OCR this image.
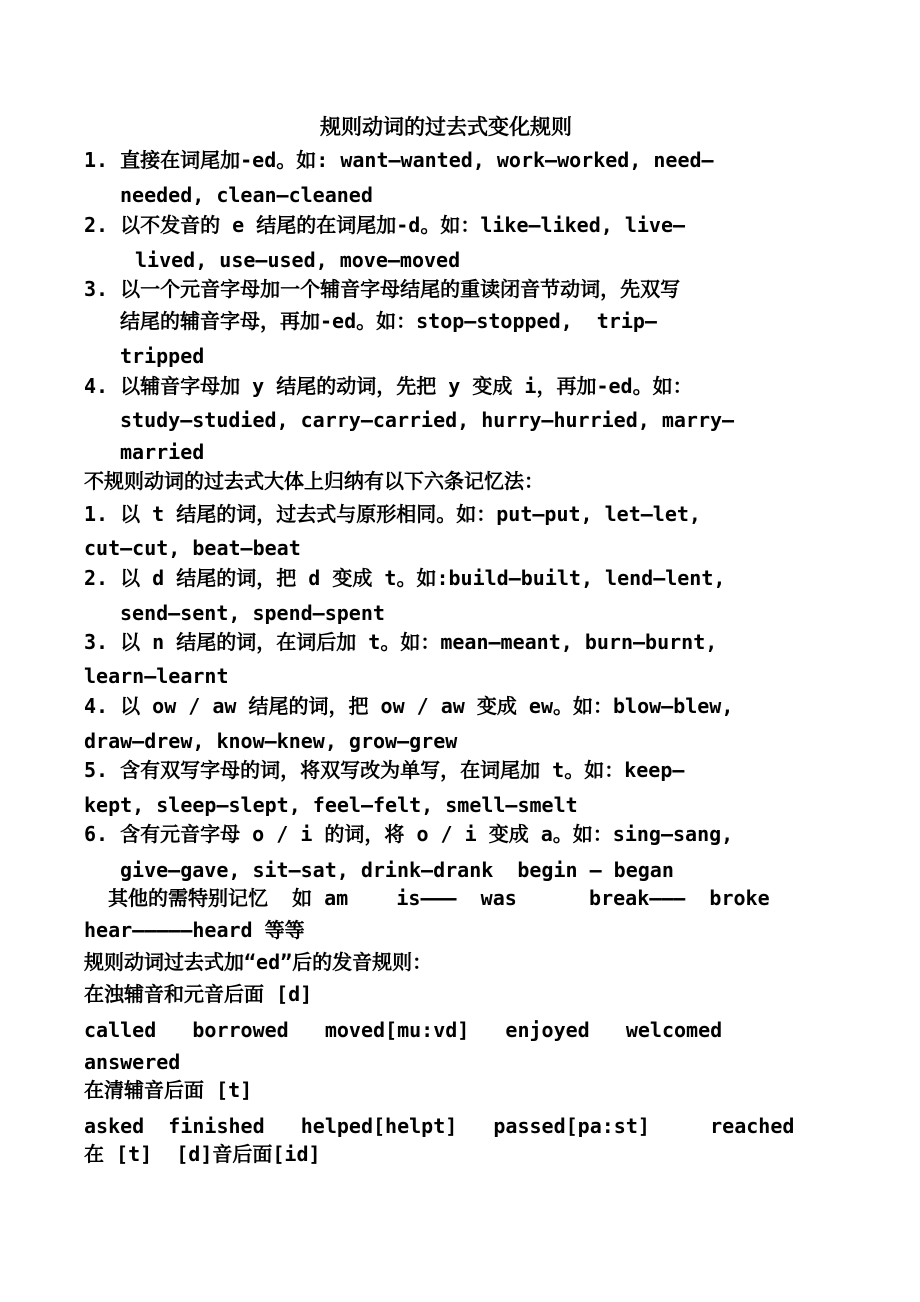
规则动词的过去式变化规则
1. 直接在词尾加-ed。如: want—wanted, work—worked, need—
needed, clean—cleaned
2. 以不发音的 e 结尾的在词尾加-d。如：like—liked, live—
lived, use—used, move—moved
3. 以一个元音字母加一个辅音字母结尾的重读闭音节动词，先双写
结尾的辅音字母，再加-ed。如：stop—stopped,  trip—
tripped
4. 以辅音字母加 y 结尾的动词，先把 y 变成 i，再加-ed。如：
study—studied, carry—carried, hurry—hurried, marry—
married
不规则动词的过去式大体上归纳有以下六条记忆法：
1. 以 t 结尾的词，过去式与原形相同。如：put—put, let—let,
cut—cut, beat—beat
2. 以 d 结尾的词，把 d 变成 t。如:build—built, lend—lent,
send—sent, spend—spent
3. 以 n 结尾的词，在词后加 t。如：mean—meant, burn—burnt,
learn—learnt
4. 以 ow / aw 结尾的词，把 ow / aw 变成 ew。如：blow—blew,
draw—drew, know—knew, grow—grew
5. 含有双写字母的词，将双写改为单写，在词尾加 t。如：keep—
kept, sleep—slept, feel—felt, smell—smelt
6. 含有元音字母 o / i 的词，将 o / i 变成 a。如：sing—sang,
give—gave, sit—sat, drink—drank  begin — began
其他的需特别记忆  如 am    is———  was      break———  broke
hear—————heard 等等
规则动词过去式加“ed”后的发音规则：
在浊辅音和元音后面 [d]
called   borrowed   moved[mu:vd]   enjoyed   welcomed
answered
在清辅音后面 [t]
asked  finished   helped[helpt]   passed[pa:st]     reached
在 [t]  [d]音后面[id]
